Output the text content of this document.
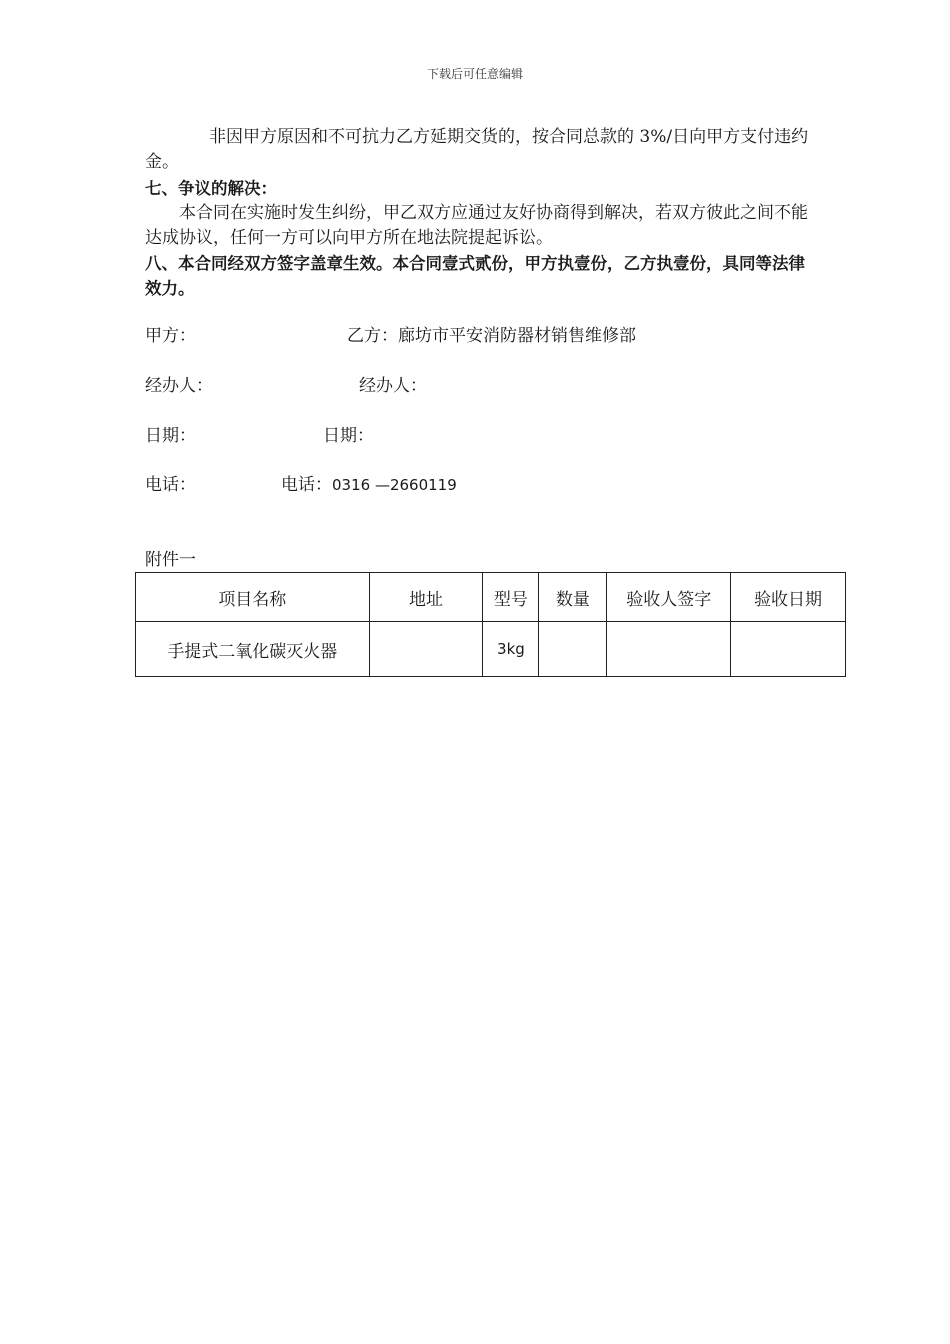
下载后可任意编辑
非因甲方原因和不可抗力乙方延期交货的，按合同总款的 3%/日向甲方支付违约金。
七、争议的解决：
本合同在实施时发生纠纷，甲乙双方应通过友好协商得到解决，若双方彼此之间不能达成协议，任何一方可以向甲方所在地法院提起诉讼。
八、本合同经双方签字盖章生效。本合同壹式贰份，甲方执壹份，乙方执壹份，具同等法律效力。
甲方：	乙方：廊坊市平安消防器材销售维修部
经办人：	经办人：
日期：	日期：
电话：	电话：0316 —2660119
附件一
项目名称	地址	型号	数量	验收人签字	验收日期
手提式二氧化碳灭火器		3kg			
